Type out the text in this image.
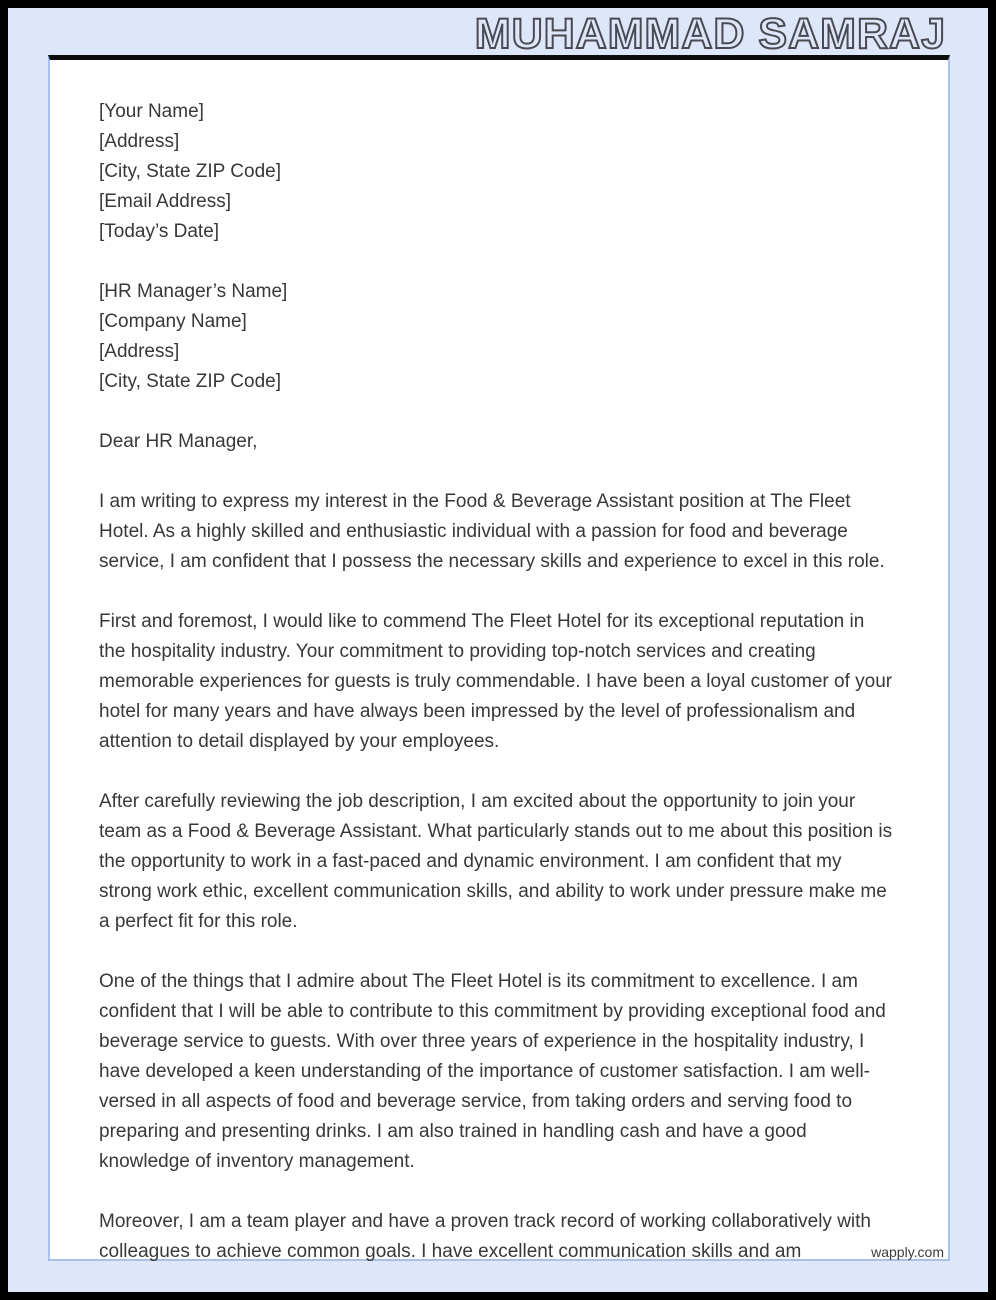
MUHAMMAD SAMRAJ
wapply.com
[Your Name]
[Address]
[City, State ZIP Code]
[Email Address]
[Today’s Date]
[HR Manager’s Name]
[Company Name]
[Address]
[City, State ZIP Code]
Dear HR Manager,

I am writing to express my interest in the Food & Beverage Assistant position at The Fleet Hotel. As a highly skilled and enthusiastic individual with a passion for food and beverage service, I am confident that I possess the necessary skills and experience to excel in this role.

First and foremost, I would like to commend The Fleet Hotel for its exceptional reputation in the hospitality industry. Your commitment to providing top-notch services and creating memorable experiences for guests is truly commendable. I have been a loyal customer of your hotel for many years and have always been impressed by the level of professionalism and attention to detail displayed by your employees.

After carefully reviewing the job description, I am excited about the opportunity to join your team as a Food & Beverage Assistant. What particularly stands out to me about this position is the opportunity to work in a fast-paced and dynamic environment. I am confident that my strong work ethic, excellent communication skills, and ability to work under pressure make me a perfect fit for this role.

One of the things that I admire about The Fleet Hotel is its commitment to excellence. I am confident that I will be able to contribute to this commitment by providing exceptional food and beverage service to guests. With over three years of experience in the hospitality industry, I have developed a keen understanding of the importance of customer satisfaction. I am well-versed in all aspects of food and beverage service, from taking orders and serving food to preparing and presenting drinks. I am also trained in handling cash and have a good knowledge of inventory management.

Moreover, I am a team player and have a proven track record of working collaboratively with colleagues to achieve common goals. I have excellent communication skills and am
